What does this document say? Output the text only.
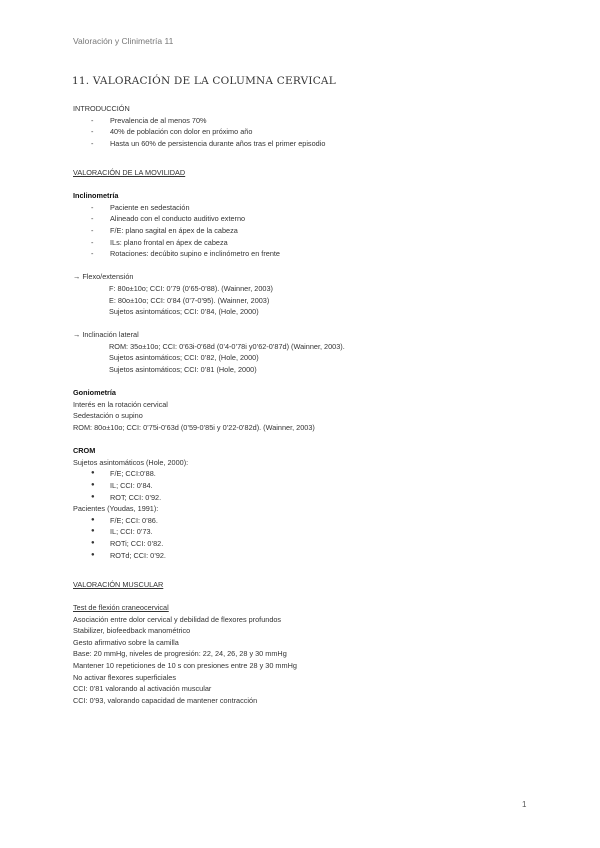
Valoración y Clinimetría 11
11. VALORACIÓN DE LA COLUMNA CERVICAL
INTRODUCCIÓN
- Prevalencia de al menos 70%
- 40% de población con dolor en próximo año
- Hasta un 60% de persistencia durante años tras el primer episodio
VALORACIÓN DE LA MOVILIDAD
Inclinometría
- Paciente en sedestación
- Alineado con el conducto auditivo externo
- F/E: plano sagital en ápex de la cabeza
- ILs: plano frontal en ápex de cabeza
- Rotaciones: decúbito supino e inclinómetro en frente
→ Flexo/extensión
F: 80o±10o; CCI: 0’79 (0’65-0’88). (Wainner, 2003)
E: 80o±10o; CCI: 0’84 (0’7-0’95). (Wainner, 2003)
Sujetos asintomáticos; CCI: 0’84, (Hole, 2000)
→ Inclinación lateral
ROM: 35o±10o; CCI: 0’63i-0’68d (0’4-0’78i y0’62-0’87d) (Wainner, 2003).
Sujetos asintomáticos; CCI: 0’82, (Hole, 2000)
Sujetos asintomáticos; CCI: 0’81 (Hole, 2000)
Goniometría
Interés en la rotación cervical
Sedestación o supino
ROM: 80o±10o; CCI: 0’75i-0’63d (0’59-0’85i y 0’22-0’82d). (Wainner, 2003)
CROM
Sujetos asintomáticos (Hole, 2000):
● F/E; CCI:0’88.
● IL; CCI: 0’84.
● ROT; CCI: 0’92.
Pacientes (Youdas, 1991):
● F/E; CCI: 0’86.
● IL; CCI: 0’73.
● ROTi; CCI: 0’82.
● ROTd; CCI: 0’92.
VALORACIÓN MUSCULAR
Test de flexión craneocervical
Asociación entre dolor cervical y debilidad de flexores profundos
Stabilizer, biofeedback manométrico
Gesto afirmativo sobre la camilla
Base: 20 mmHg, niveles de progresión: 22, 24, 26, 28 y 30 mmHg
Mantener 10 repeticiones de 10 s con presiones entre 28 y 30 mmHg
No activar flexores superficiales
CCI: 0’81 valorando al activación muscular
CCI: 0’93, valorando capacidad de mantener contracción
1
